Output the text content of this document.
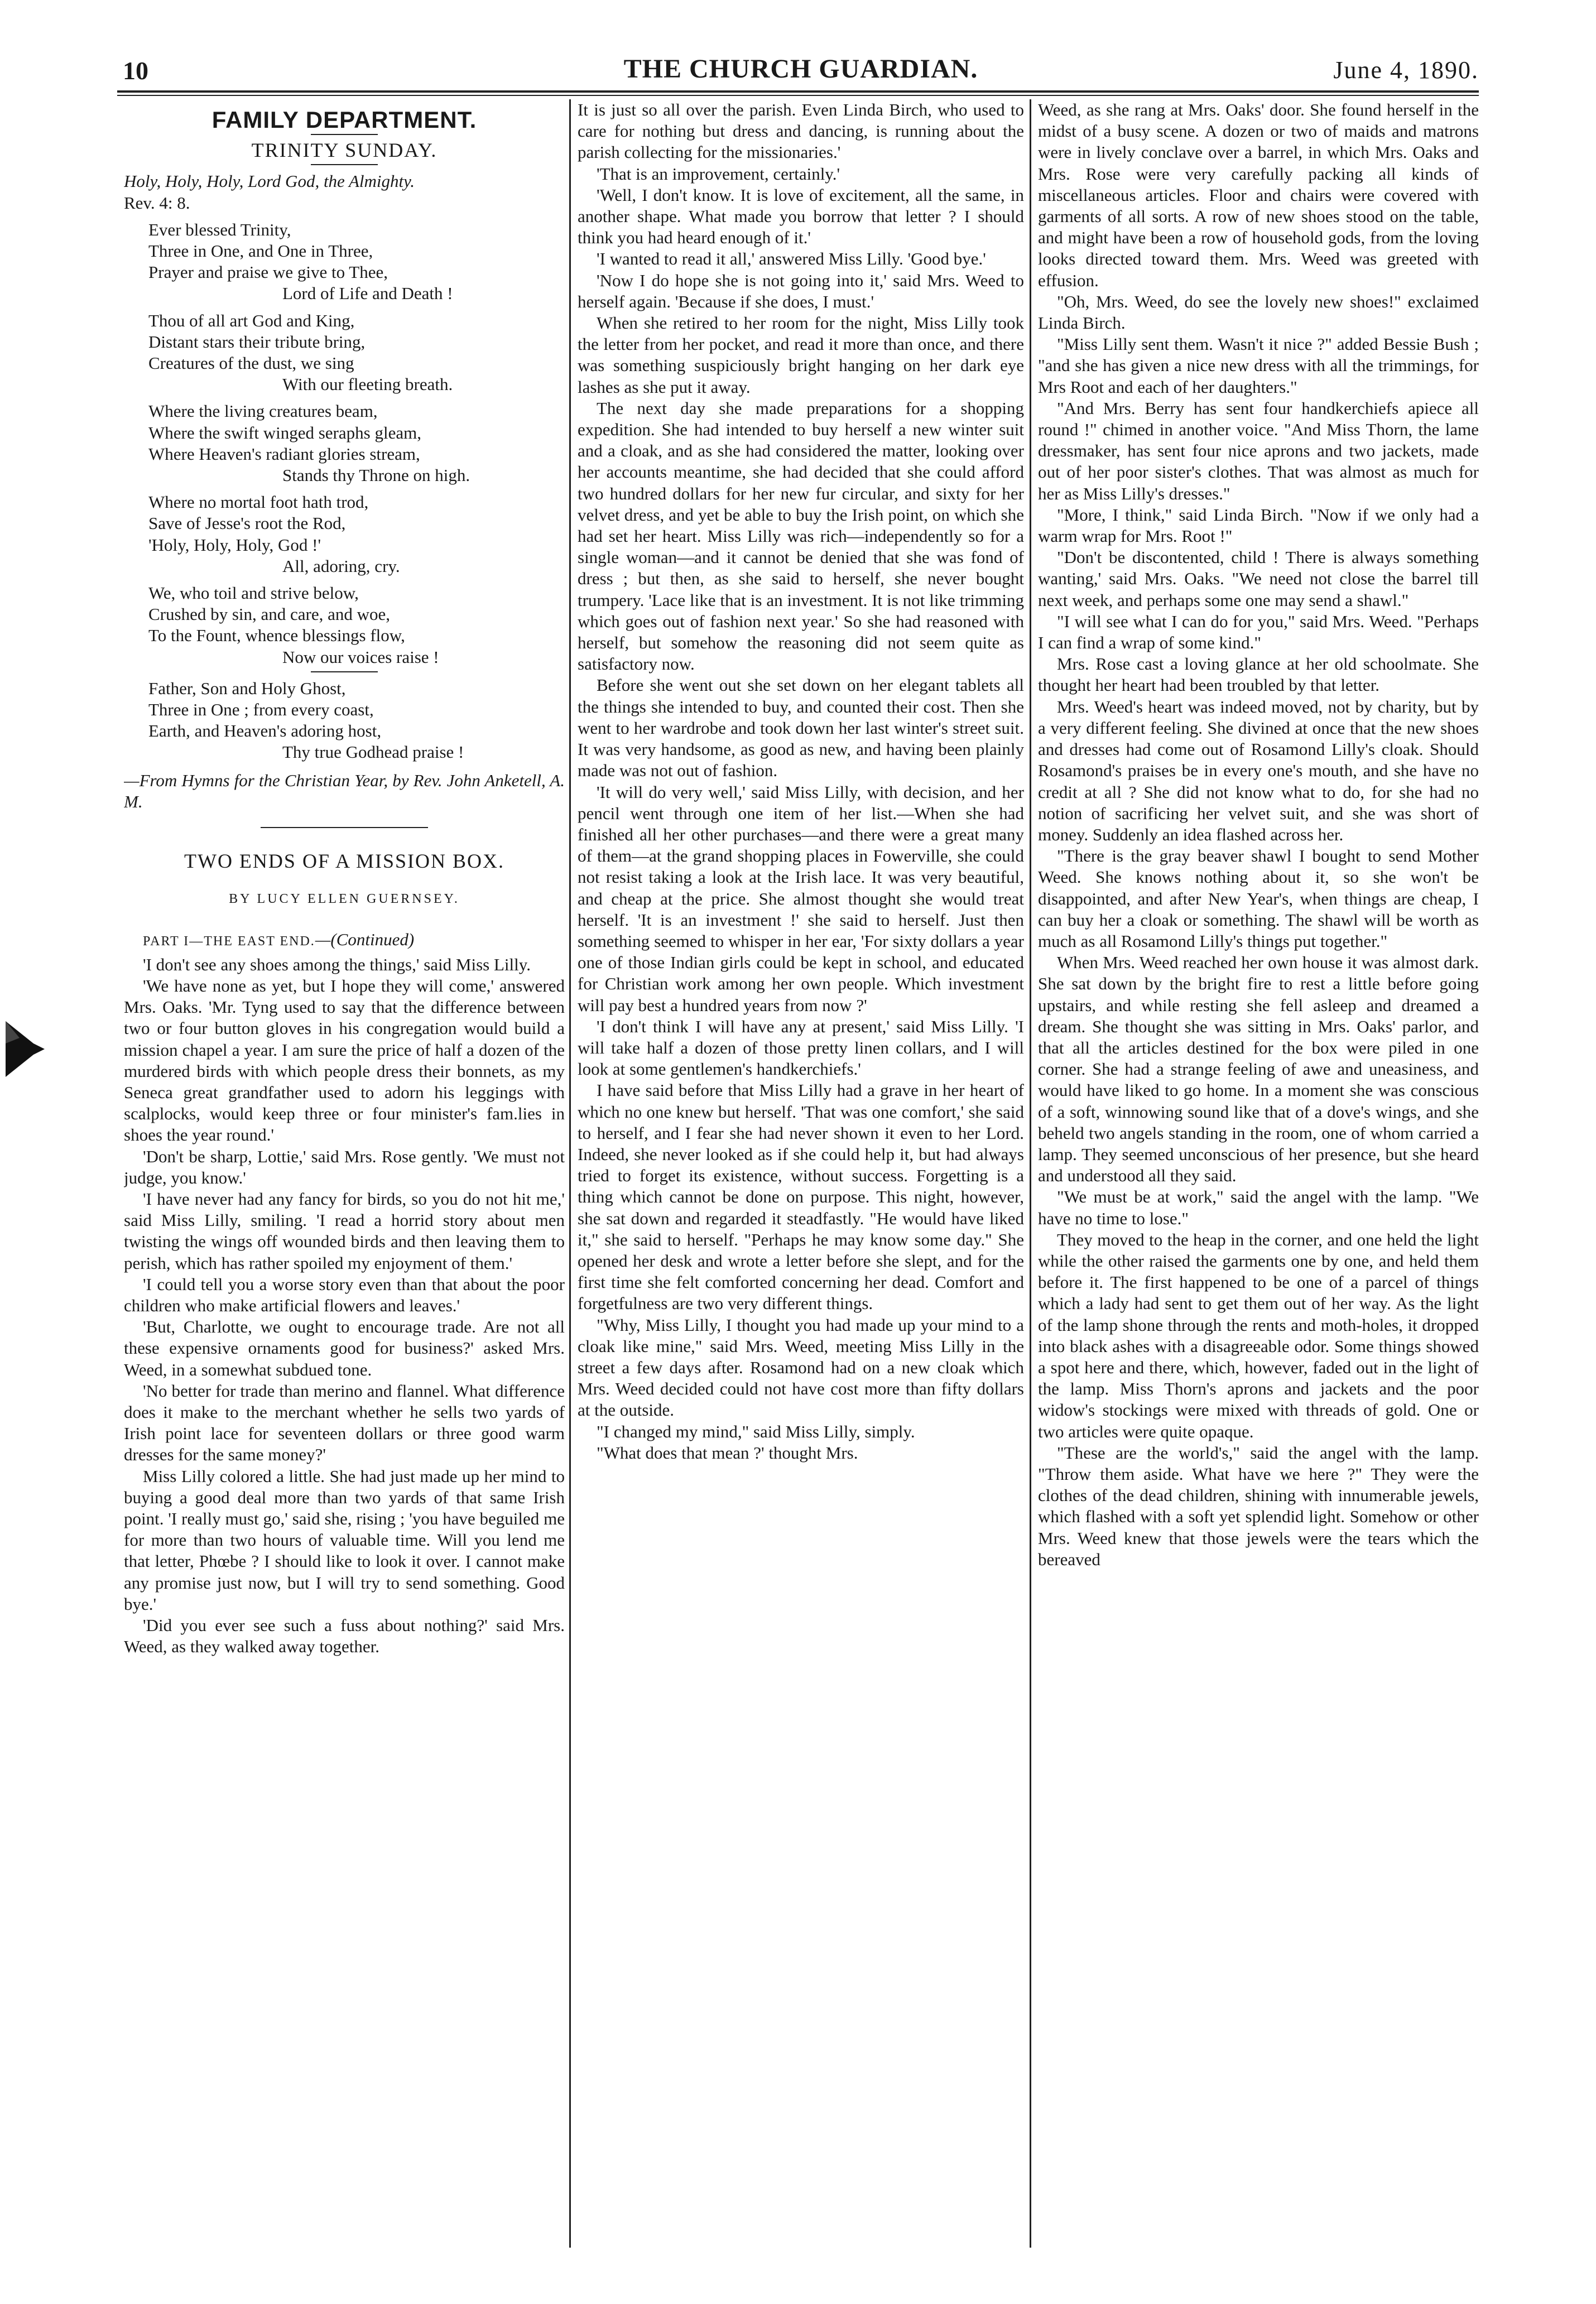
10	THE CHURCH GUARDIAN.	June 4, 1890.
FAMILY DEPARTMENT.
TRINITY SUNDAY.
Holy, Holy, Holy, Lord God, the Almighty.
Rev. 4: 8.
Ever blessed Trinity,
Three in One, and One in Three,
Prayer and praise we give to Thee,
Lord of Life and Death !
Thou of all art God and King,
Distant stars their tribute bring,
Creatures of the dust, we sing
With our fleeting breath.
Where the living creatures beam,
Where the swift winged seraphs gleam,
Where Heaven's radiant glories stream,
Stands thy Throne on high.
Where no mortal foot hath trod,
Save of Jesse's root the Rod,
'Holy, Holy, Holy, God !'
All, adoring, cry.
We, who toil and strive below,
Crushed by sin, and care, and woe,
To the Fount, whence blessings flow,
Now our voices raise !
Father, Son and Holy Ghost,
Three in One ; from every coast,
Earth, and Heaven's adoring host,
Thy true Godhead praise !
—From Hymns for the Christian Year, by Rev. John Anketell, A. M.
TWO ENDS OF A MISSION BOX.
BY LUCY ELLEN GUERNSEY.
PART I—THE EAST END.—(Continued)

'I don't see any shoes among the things,' said Miss Lilly.

'We have none as yet, but I hope they will come,' answered Mrs. Oaks. 'Mr. Tyng used to say that the difference between two or four button gloves in his congregation would build a mission chapel a year. I am sure the price of half a dozen of the murdered birds with which people dress their bonnets, as my Seneca great grandfather used to adorn his leggings with scalplocks, would keep three or four minister's fam.lies in shoes the year round.'

'Don't be sharp, Lottie,' said Mrs. Rose gently. 'We must not judge, you know.'

'I have never had any fancy for birds, so you do not hit me,' said Miss Lilly, smiling. 'I read a horrid story about men twisting the wings off wounded birds and then leaving them to perish, which has rather spoiled my enjoyment of them.'

'I could tell you a worse story even than that about the poor children who make artificial flowers and leaves.'

'But, Charlotte, we ought to encourage trade. Are not all these expensive ornaments good for business?' asked Mrs. Weed, in a somewhat subdued tone.

'No better for trade than merino and flannel. What difference does it make to the merchant whether he sells two yards of Irish point lace for seventeen dollars or three good warm dresses for the same money?'

Miss Lilly colored a little. She had just made up her mind to buying a good deal more than two yards of that same Irish point. 'I really must go,' said she, rising ; 'you have beguiled me for more than two hours of valuable time. Will you lend me that letter, Phœbe ? I should like to look it over. I cannot make any promise just now, but I will try to send something. Good bye.'

'Did you ever see such a fuss about nothing?' said Mrs. Weed, as they walked away together.

It is just so all over the parish. Even Linda Birch, who used to care for nothing but dress and dancing, is running about the parish collecting for the missionaries.'

'That is an improvement, certainly.'

'Well, I don't know. It is love of excitement, all the same, in another shape. What made you borrow that letter ? I should think you had heard enough of it.'

'I wanted to read it all,' answered Miss Lilly. 'Good bye.'

'Now I do hope she is not going into it,' said Mrs. Weed to herself again. 'Because if she does, I must.'

When she retired to her room for the night, Miss Lilly took the letter from her pocket, and read it more than once, and there was something suspiciously bright hanging on her dark eye lashes as she put it away.

The next day she made preparations for a shopping expedition. She had intended to buy herself a new winter suit and a cloak, and as she had considered the matter, looking over her accounts meantime, she had decided that she could afford two hundred dollars for her new fur circular, and sixty for her velvet dress, and yet be able to buy the Irish point, on which she had set her heart. Miss Lilly was rich—independently so for a single woman—and it cannot be denied that she was fond of dress ; but then, as she said to herself, she never bought trumpery. 'Lace like that is an investment. It is not like trimming which goes out of fashion next year.' So she had reasoned with herself, but somehow the reasoning did not seem quite as satisfactory now.

Before she went out she set down on her elegant tablets all the things she intended to buy, and counted their cost. Then she went to her wardrobe and took down her last winter's street suit. It was very handsome, as good as new, and having been plainly made was not out of fashion.

'It will do very well,' said Miss Lilly, with decision, and her pencil went through one item of her list.—When she had finished all her other purchases—and there were a great many of them—at the grand shopping places in Fowerville, she could not resist taking a look at the Irish lace. It was very beautiful, and cheap at the price. She almost thought she would treat herself. 'It is an investment !' she said to herself. Just then something seemed to whisper in her ear, 'For sixty dollars a year one of those Indian girls could be kept in school, and educated for Christian work among her own people. Which investment will pay best a hundred years from now ?'

'I don't think I will have any at present,' said Miss Lilly. 'I will take half a dozen of those pretty linen collars, and I will look at some gentlemen's handkerchiefs.'

I have said before that Miss Lilly had a grave in her heart of which no one knew but herself. 'That was one comfort,' she said to herself, and I fear she had never shown it even to her Lord. Indeed, she never looked as if she could help it, but had always tried to forget its existence, without success. Forgetting is a thing which cannot be done on purpose. This night, however, she sat down and regarded it steadfastly. "He would have liked it," she said to herself. "Perhaps he may know some day." She opened her desk and wrote a letter before she slept, and for the first time she felt comforted concerning her dead. Comfort and forgetfulness are two very different things.

"Why, Miss Lilly, I thought you had made up your mind to a cloak like mine," said Mrs. Weed, meeting Miss Lilly in the street a few days after. Rosamond had on a new cloak which Mrs. Weed decided could not have cost more than fifty dollars at the outside.

"I changed my mind," said Miss Lilly, simply.

"What does that mean ?' thought Mrs.

Weed, as she rang at Mrs. Oaks' door. She found herself in the midst of a busy scene. A dozen or two of maids and matrons were in lively conclave over a barrel, in which Mrs. Oaks and Mrs. Rose were very carefully packing all kinds of miscellaneous articles. Floor and chairs were covered with garments of all sorts. A row of new shoes stood on the table, and might have been a row of household gods, from the loving looks directed toward them. Mrs. Weed was greeted with effusion.

"Oh, Mrs. Weed, do see the lovely new shoes!" exclaimed Linda Birch.

"Miss Lilly sent them. Wasn't it nice ?" added Bessie Bush ; "and she has given a nice new dress with all the trimmings, for Mrs Root and each of her daughters."

"And Mrs. Berry has sent four handkerchiefs apiece all round !" chimed in another voice. "And Miss Thorn, the lame dressmaker, has sent four nice aprons and two jackets, made out of her poor sister's clothes. That was almost as much for her as Miss Lilly's dresses."

"More, I think," said Linda Birch. "Now if we only had a warm wrap for Mrs. Root !"

"Don't be discontented, child ! There is always something wanting,' said Mrs. Oaks. "We need not close the barrel till next week, and perhaps some one may send a shawl."

"I will see what I can do for you," said Mrs. Weed. "Perhaps I can find a wrap of some kind."

Mrs. Rose cast a loving glance at her old schoolmate. She thought her heart had been troubled by that letter.

Mrs. Weed's heart was indeed moved, not by charity, but by a very different feeling. She divined at once that the new shoes and dresses had come out of Rosamond Lilly's cloak. Should Rosamond's praises be in every one's mouth, and she have no credit at all ? She did not know what to do, for she had no notion of sacrificing her velvet suit, and she was short of money. Suddenly an idea flashed across her.

"There is the gray beaver shawl I bought to send Mother Weed. She knows nothing about it, so she won't be disappointed, and after New Year's, when things are cheap, I can buy her a cloak or something. The shawl will be worth as much as all Rosamond Lilly's things put together."

When Mrs. Weed reached her own house it was almost dark. She sat down by the bright fire to rest a little before going upstairs, and while resting she fell asleep and dreamed a dream. She thought she was sitting in Mrs. Oaks' parlor, and that all the articles destined for the box were piled in one corner. She had a strange feeling of awe and uneasiness, and would have liked to go home. In a moment she was conscious of a soft, winnowing sound like that of a dove's wings, and she beheld two angels standing in the room, one of whom carried a lamp. They seemed unconscious of her presence, but she heard and understood all they said.

"We must be at work," said the angel with the lamp. "We have no time to lose."

They moved to the heap in the corner, and one held the light while the other raised the garments one by one, and held them before it. The first happened to be one of a parcel of things which a lady had sent to get them out of her way. As the light of the lamp shone through the rents and moth-holes, it dropped into black ashes with a disagreeable odor. Some things showed a spot here and there, which, however, faded out in the light of the lamp. Miss Thorn's aprons and jackets and the poor widow's stockings were mixed with threads of gold. One or two articles were quite opaque.

"These are the world's," said the angel with the lamp. "Throw them aside. What have we here ?" They were the clothes of the dead children, shining with innumerable jewels, which flashed with a soft yet splendid light. Somehow or other Mrs. Weed knew that those jewels were the tears which the bereaved
